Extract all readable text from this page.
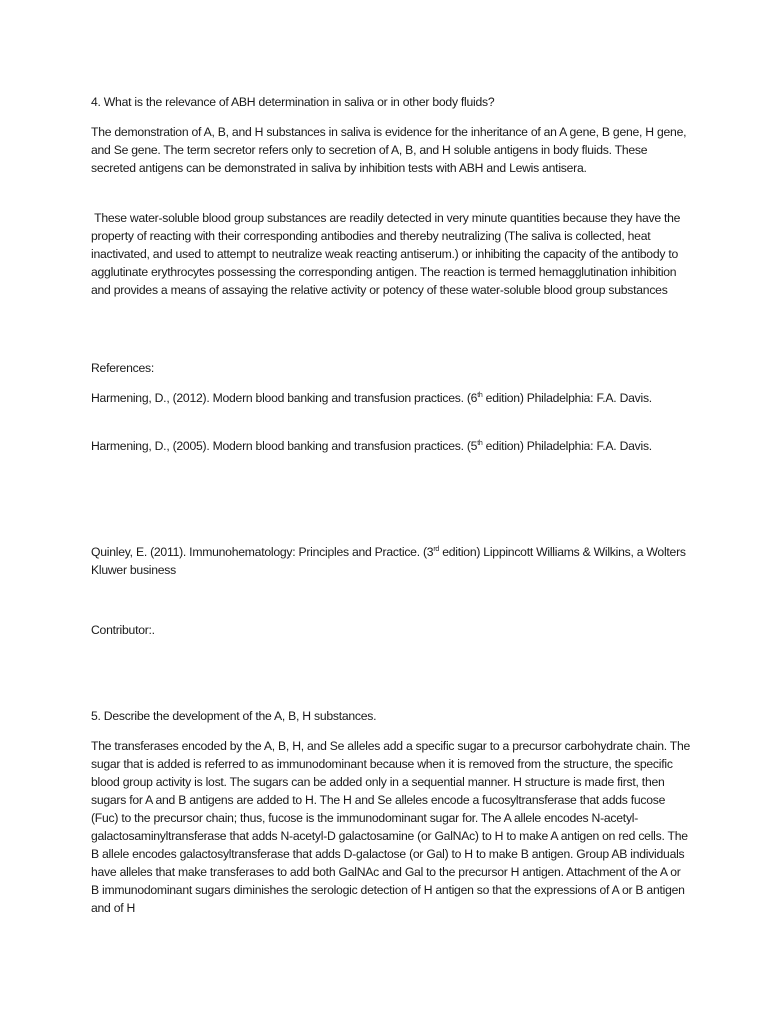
4. What is the relevance of ABH determination in saliva or in other body fluids?

The demonstration of A, B, and H substances in saliva is evidence for the inheritance of an A gene, B gene, H gene, and Se gene. The term secretor refers only to secretion of A, B, and H soluble antigens in body fluids. These secreted antigens can be demonstrated in saliva by inhibition tests with ABH and Lewis antisera.

These water-soluble blood group substances are readily detected in very minute quantities because they have the property of reacting with their corresponding antibodies and thereby neutralizing (The saliva is collected, heat inactivated, and used to attempt to neutralize weak reacting antiserum.) or inhibiting the capacity of the antibody to agglutinate erythrocytes possessing the corresponding antigen. The reaction is termed hemagglutination inhibition and provides a means of assaying the relative activity or potency of these water-soluble blood group substances

References:

Harmening, D., (2012). Modern blood banking and transfusion practices. (6th edition) Philadelphia: F.A. Davis.

Harmening, D., (2005). Modern blood banking and transfusion practices. (5th edition) Philadelphia: F.A. Davis.

Quinley, E. (2011). Immunohematology: Principles and Practice. (3rd edition) Lippincott Williams & Wilkins, a Wolters Kluwer business

Contributor:.

5. Describe the development of the A, B, H substances.

The transferases encoded by the A, B, H, and Se alleles add a specific sugar to a precursor carbohydrate chain. The sugar that is added is referred to as immunodominant because when it is removed from the structure, the specific blood group activity is lost. The sugars can be added only in a sequential manner. H structure is made first, then sugars for A and B antigens are added to H. The H and Se alleles encode a fucosyltransferase that adds fucose (Fuc) to the precursor chain; thus, fucose is the immunodominant sugar for. The A allele encodes N-acetyl-galactosaminyltransferase that adds N-acetyl-D galactosamine (or GalNAc) to H to make A antigen on red cells. The B allele encodes galactosyltransferase that adds D-galactose (or Gal) to H to make B antigen. Group AB individuals have alleles that make transferases to add both GalNAc and Gal to the precursor H antigen. Attachment of the A or B immunodominant sugars diminishes the serologic detection of H antigen so that the expressions of A or B antigen and of H
